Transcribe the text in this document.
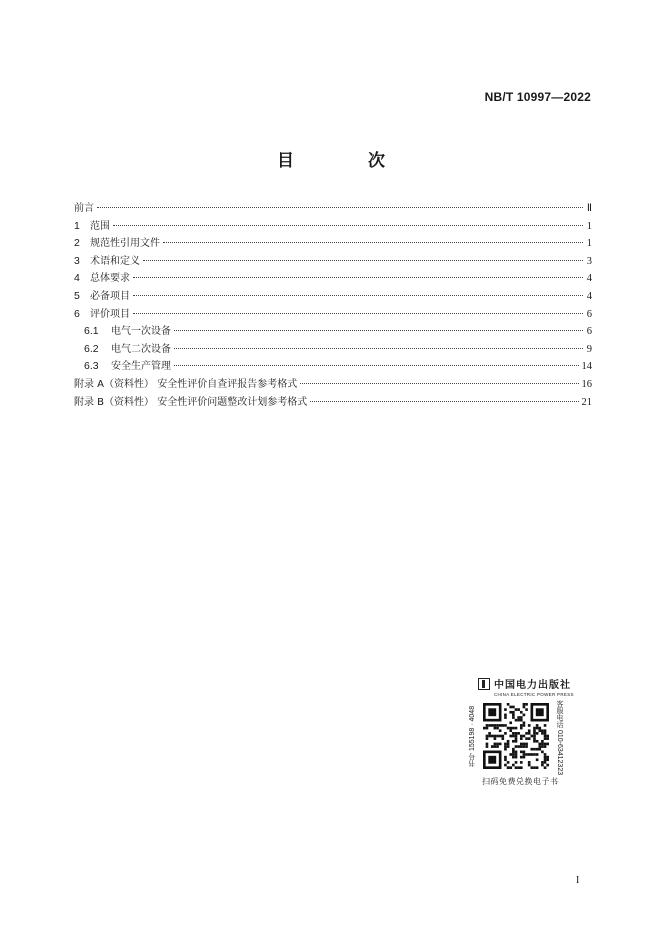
NB/T 10997—2022
目 次
前言	Ⅱ
1	范围	1
2	规范性引用文件	1
3	术语和定义	3
4	总体要求	4
5	必备项目	4
6	评价项目	6
6.1	电气一次设备	6
6.2	电气二次设备	9
6.3	安全生产管理	14
附录 A（资料性） 安全性评价自查评报告参考格式	16
附录 B（资料性） 安全性评价问题整改计划参考格式	21
中国电力出版社
CHINA ELECTRIC POWER PRESS
书号 155198 · 4048	客服电话 010-63412323
扫码免费兑换电子书
I
